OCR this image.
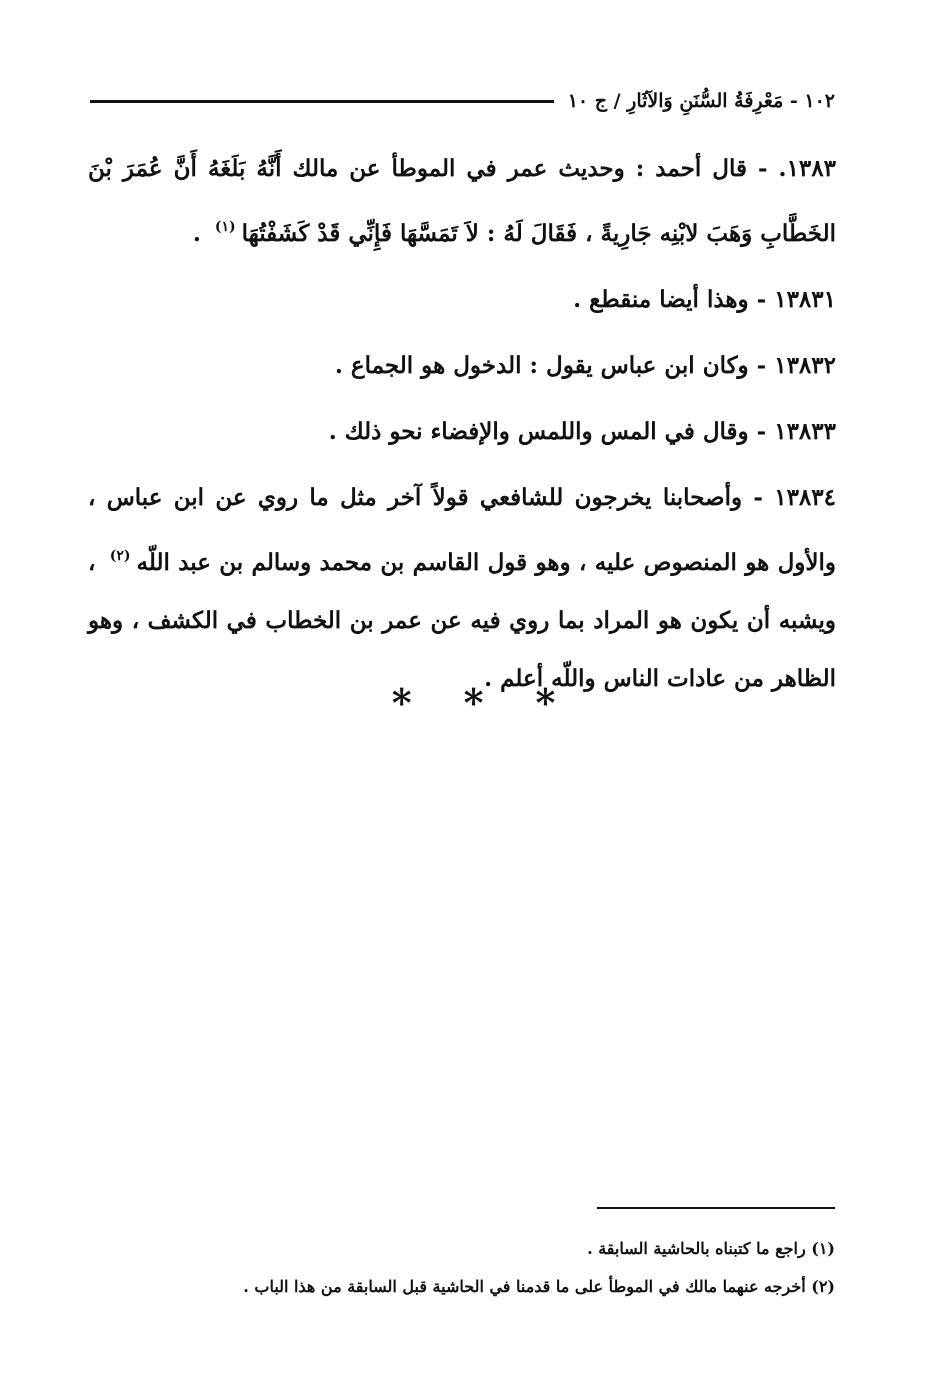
١٠٢ - مَعْرِفَةُ السُّنَنِ وَالآثَارِ / ج ١٠

١٣٨٣. - قال أحمد : وحديث عمر في الموطأ عن مالك أَنَّهُ بَلَغَهُ أَنَّ عُمَرَ بْنَ الخَطَّابِ وَهَبَ لابْنِه جَارِيةً ، فَقَالَ لَهُ : لاَ تَمَسَّهَا فَإِنِّي قَدْ كَشَفْتُهَا$^{(١)}$ .

١٣٨٣١ - وهذا أيضا منقطع .

١٣٨٣٢ - وكان ابن عباس يقول : الدخول هو الجماع .

١٣٨٣٣ - وقال في المس واللمس والإفضاء نحو ذلك .

١٣٨٣٤ - وأصحابنا يخرجون للشافعي قولاً آخر مثل ما روي عن ابن عباس ، والأول هو المنصوص عليه ، وهو قول القاسم بن محمد وسالم بن عبد اللّه$^{(٢)}$ ، ويشبه أن يكون هو المراد بما روي فيه عن عمر بن الخطاب في الكشف ، وهو الظاهر من عادات الناس واللّه أعلم .

* * *

(١) راجع ما كتبناه بالحاشية السابقة .

(٢) أخرجه عنهما مالك في الموطأ على ما قدمنا في الحاشية قبل السابقة من هذا الباب .
